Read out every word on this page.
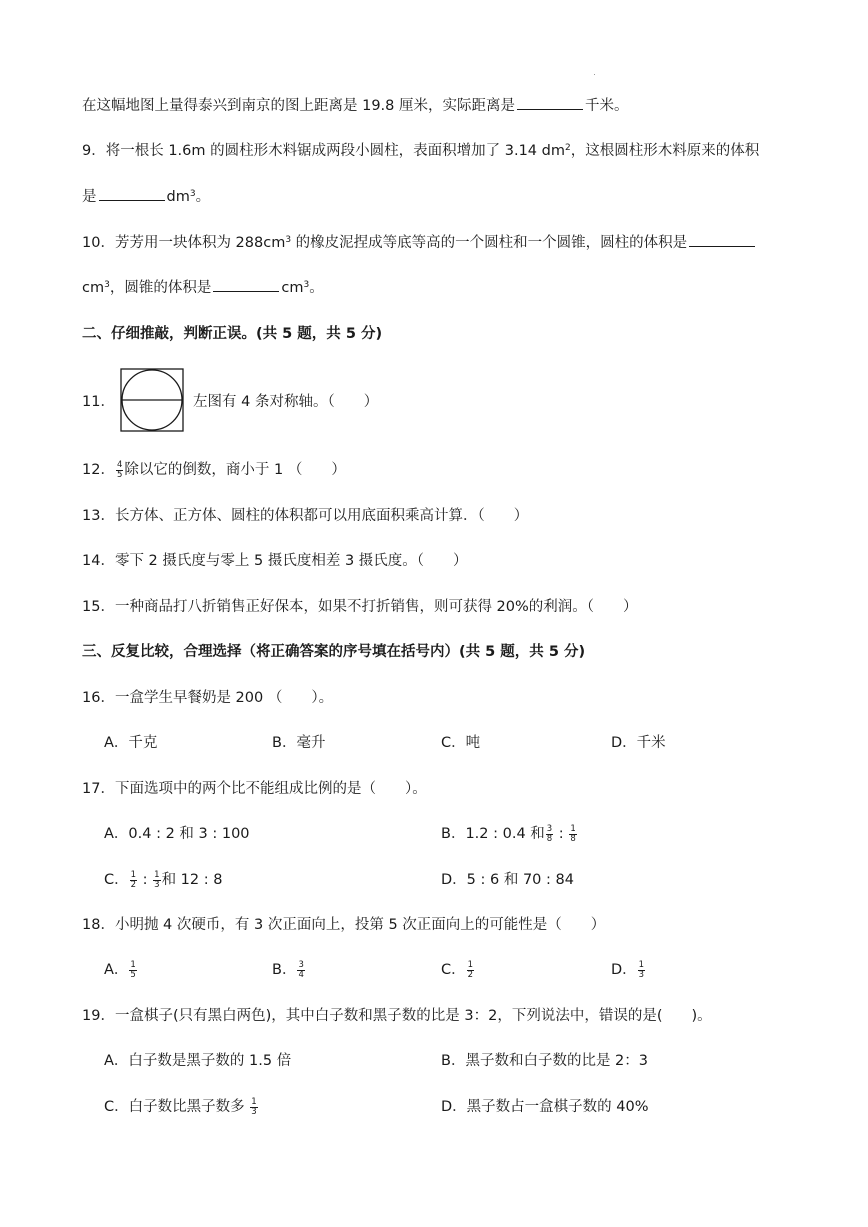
在这幅地图上量得泰兴到南京的图上距离是 19.8 厘米，实际距离是	千米。
9．将一根长 1.6m 的圆柱形木料锯成两段小圆柱，表面积增加了 3.14 $dm^2$，这根圆柱形木料原来的体积
是	$dm^3$。
10．芳芳用一块体积为 $288cm^3$ 的橡皮泥捏成等底等高的一个圆柱和一个圆锥，圆柱的体积是
$cm^3$，圆锥的体积是	$cm^3$。
二、仔细推敲，判断正误。(共 5 题，共 5 分)
11．	左图有 4 条对称轴。（　　）
12． $\frac{4}{5}$ 除以它的倒数，商小于 1 （　　）
13．长方体、正方体、圆柱的体积都可以用底面积乘高计算．（　　）
14．零下 2 摄氏度与零上 5 摄氏度相差 3 摄氏度。（　　）
15．一种商品打八折销售正好保本，如果不打折销售，则可获得 20%的利润。（　　）
三、反复比较，合理选择（将正确答案的序号填在括号内）(共 5 题，共 5 分)
16．一盒学生早餐奶是 200 （　　）。
A．千克	B．毫升	C．吨	D．千米
17．下面选项中的两个比不能组成比例的是（　　）。
A．0.4 : 2 和 3 : 100	B．1.2 : 0.4 和 $\frac{3}{8}$ : $\frac{1}{8}$
C． $\frac{1}{2}$ : $\frac{1}{3}$ 和 12 : 8	D．5 : 6 和 70 : 84
18．小明抛 4 次硬币，有 3 次正面向上，投第 5 次正面向上的可能性是（　　）
A． $\frac{1}{5}$	B． $\frac{3}{4}$	C． $\frac{1}{2}$	D． $\frac{1}{3}$
19．一盒棋子(只有黑白两色)，其中白子数和黑子数的比是 3：2，下列说法中，错误的是(　　)。
A．白子数是黑子数的 1.5 倍	B．黑子数和白子数的比是 2：3
C．白子数比黑子数多 $\frac{1}{3}$	D．黑子数占一盒棋子数的 40%
